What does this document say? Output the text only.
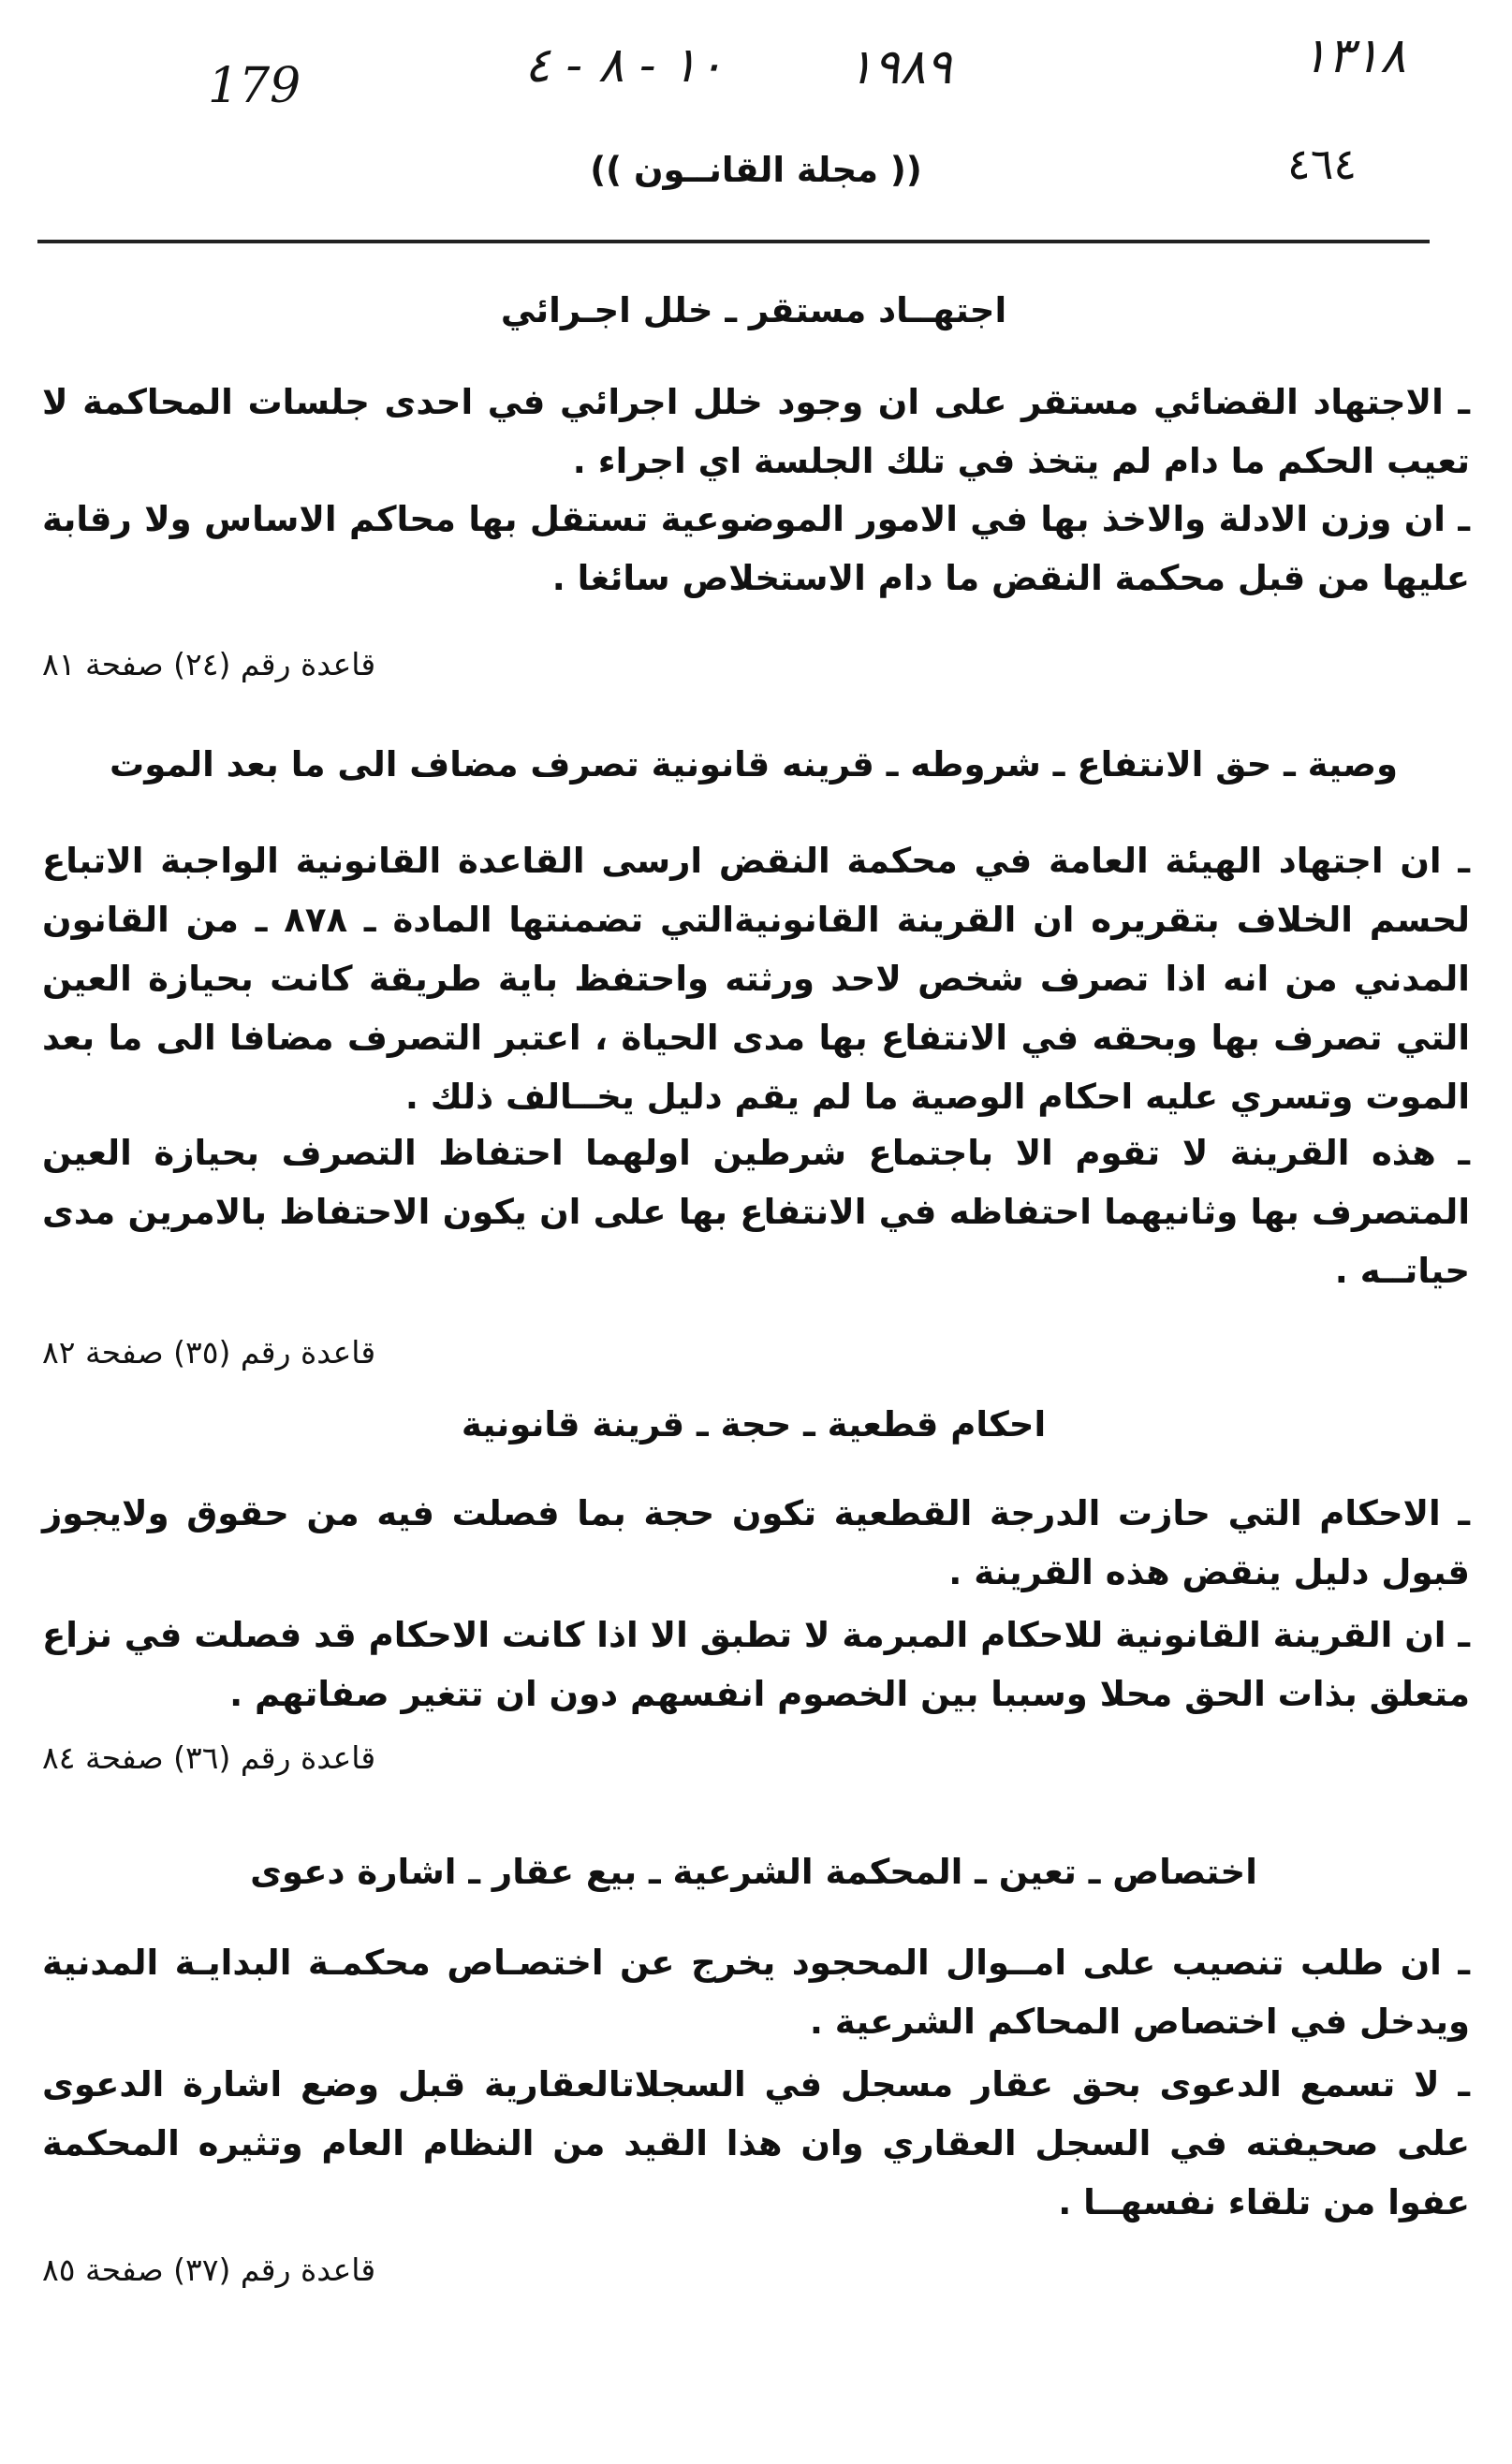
179	١٠ - ٨ - ٤	١٩٨٩	١٣١٨
(( مجلة القانــون ))	٤٦٤
اجتهــاد مستقر ـ خلل اجـرائي
ـ الاجتهاد القضائي مستقر على ان وجود خلل اجرائي في احدى جلسات المحاكمة لا تعيب الحكم ما دام لم يتخذ في تلك الجلسة اي اجراء .
ـ ان وزن الادلة والاخذ بها في الامور الموضوعية تستقل بها محاكم الاساس ولا رقابة عليها من قبل محكمة النقض ما دام الاستخلاص سائغا .
قاعدة رقم (٢٤) صفحة ٨١
وصية ـ حق الانتفاع ـ شروطه ـ قرينه قانونية تصرف مضاف الى ما بعد الموت
ـ ان اجتهاد الهيئة العامة في محكمة النقض ارسى القاعدة القانونية الواجبة الاتباع لحسم الخلاف بتقريره ان القرينة القانونيةالتي تضمنتها المادة ـ ٨٧٨ ـ من القانون المدني من انه اذا تصرف شخص لاحد ورثته واحتفظ باية طريقة كانت بحيازة العين التي تصرف بها وبحقه في الانتفاع بها مدى الحياة ، اعتبر التصرف مضافا الى ما بعد الموت وتسري عليه احكام الوصية ما لم يقم دليل يخــالف ذلك .
ـ هذه القرينة لا تقوم الا باجتماع شرطين اولهما احتفاظ التصرف بحيازة العين المتصرف بها وثانيهما احتفاظه في الانتفاع بها على ان يكون الاحتفاظ بالامرين مدى حياتــه .
قاعدة رقم (٣٥) صفحة ٨٢
احكام قطعية ـ حجة ـ قرينة قانونية
ـ الاحكام التي حازت الدرجة القطعية تكون حجة بما فصلت فيه من حقوق ولايجوز قبول دليل ينقض هذه القرينة .
ـ ان القرينة القانونية للاحكام المبرمة لا تطبق الا اذا كانت الاحكام قد فصلت في نزاع متعلق بذات الحق محلا وسببا بين الخصوم انفسهم دون ان تتغير صفاتهم .
قاعدة رقم (٣٦) صفحة ٨٤
اختصاص ـ تعين ـ المحكمة الشرعية ـ بيع عقار ـ اشارة دعوى
ـ ان طلب تنصيب على امــوال المحجود يخرج عن اختصـاص محكمـة البدايـة المدنية ويدخل في اختصاص المحاكم الشرعية .
ـ لا تسمع الدعوى بحق عقار مسجل في السجلاتالعقارية قبل وضع اشارة الدعوى على صحيفته في السجل العقاري وان هذا القيد من النظام العام وتثيره المحكمة عفوا من تلقاء نفسهــا .
قاعدة رقم (٣٧) صفحة ٨٥
